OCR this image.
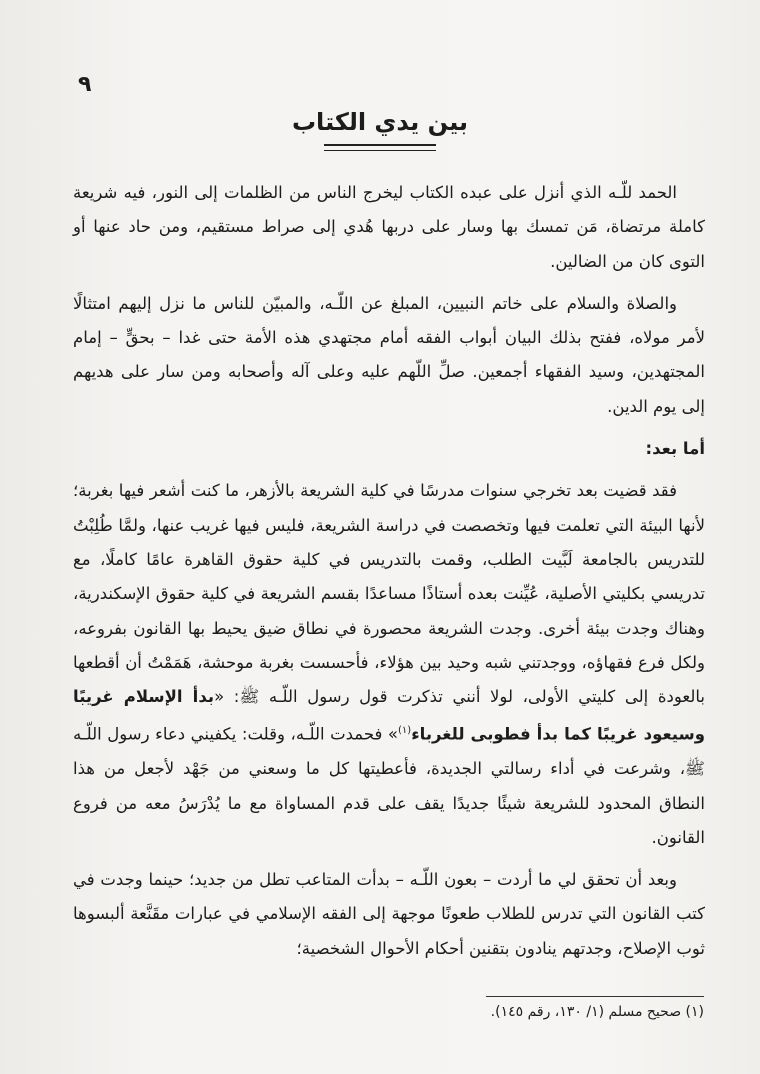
٩
بين يدي الكتاب

الحمد للّـه الذي أنزل على عبده الكتاب ليخرج الناس من الظلمات إلى النور، فيه شريعة كاملة مرتضاة، مَن تمسك بها وسار على دربها هُدي إلى صراط مستقيم، ومن حاد عنها أو التوى كان من الضالين.

والصلاة والسلام على خاتم النبيين، المبلغ عن اللّـه، والمبيّن للناس ما نزل إليهم امتثالًا لأمر مولاه، ففتح بذلك البيان أبواب الفقه أمام مجتهدي هذه الأمة حتى غدا – بحقٍّ – إمام المجتهدين، وسيد الفقهاء أجمعين. صلِّ اللّهم عليه وعلى آله وأصحابه ومن سار على هديهم إلى يوم الدين.

أما بعد:

فقد قضيت بعد تخرجي سنوات مدرسًا في كلية الشريعة بالأزهر، ما كنت أشعر فيها بغربة؛ لأنها البيئة التي تعلمت فيها وتخصصت في دراسة الشريعة، فليس فيها غريب عنها، ولمَّا طُلِبْتُ للتدريس بالجامعة لَبَّيت الطلب، وقمت بالتدريس في كلية حقوق القاهرة عامًا كاملًا، مع تدريسي بكليتي الأصلية، عُيِّنت بعده أستاذًا مساعدًا بقسم الشريعة في كلية حقوق الإسكندرية، وهناك وجدت بيئة أخرى. وجدت الشريعة محصورة في نطاق ضيق يحيط بها القانون بفروعه، ولكل فرع فقهاؤه، ووجدتني شبه وحيد بين هؤلاء، فأحسست بغربة موحشة، هَمَمْتُ أن أقطعها بالعودة إلى كليتي الأولى، لولا أنني تذكرت قول رسول اللّـه ﷺ: «بدأ الإسلام غريبًا وسيعود غريبًا كما بدأ فطوبى للغرباء$^{(١)}$» فحمدت اللّـه، وقلت: يكفيني دعاء رسول اللّـه ﷺ، وشرعت في أداء رسالتي الجديدة، فأعطيتها كل ما وسعني من جَهْد لأجعل من هذا النطاق المحدود للشريعة شيئًا جديدًا يقف على قدم المساواة مع ما يُدْرَسُ معه من فروع القانون.

وبعد أن تحقق لي ما أردت – بعون اللّـه – بدأت المتاعب تطل من جديد؛ حينما وجدت في كتب القانون التي تدرس للطلاب طعونًا موجهة إلى الفقه الإسلامي في عبارات مقَنَّعة ألبسوها ثوب الإصلاح، وجدتهم ينادون بتقنين أحكام الأحوال الشخصية؛

(١) صحيح مسلم (١/ ١٣٠، رقم ١٤٥).
